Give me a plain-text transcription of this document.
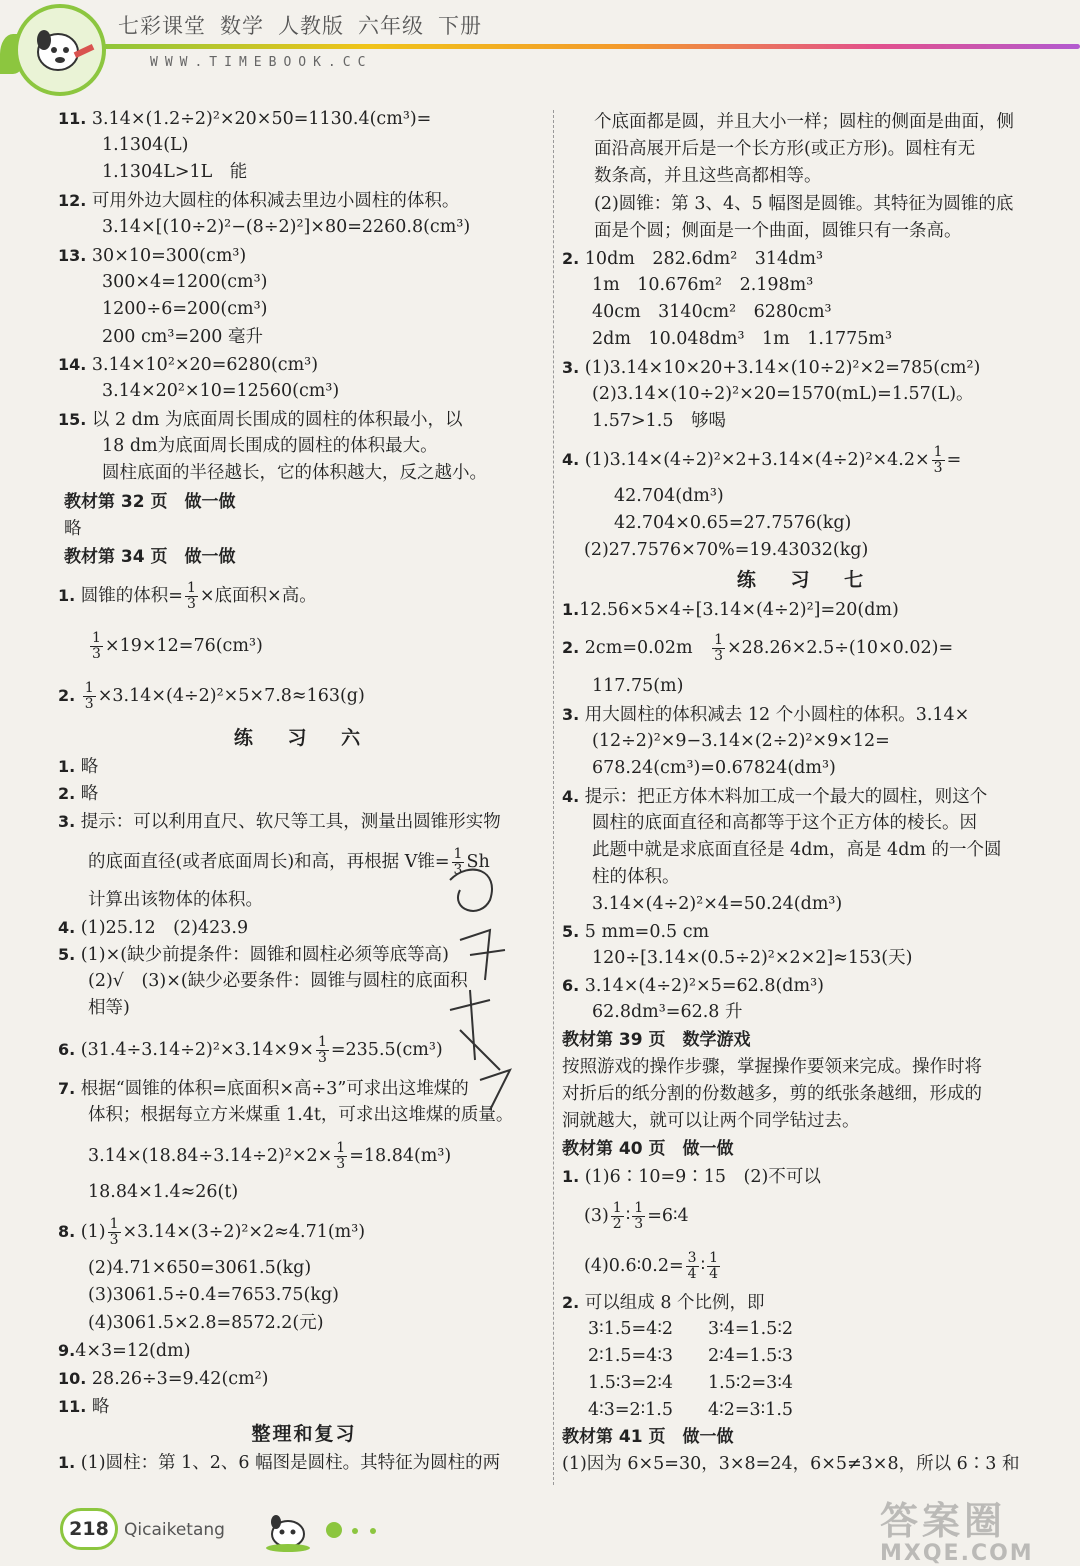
七彩课堂 数学 人教版 六年级 下册
WWW.TIMEBOOK.CC
11. 3.14×(1.2÷2)²×20×50=1130.4(cm³)=
1.1304(L)
1.1304L>1L　能
12. 可用外边大圆柱的体积减去里边小圆柱的体积。
3.14×[(10÷2)²−(8÷2)²]×80=2260.8(cm³)
13. 30×10=300(cm³)
300×4=1200(cm³)
1200÷6=200(cm³)
200 cm³=200 毫升
14. 3.14×10²×20=6280(cm³)
3.14×20²×10=12560(cm³)
15. 以 2 dm 为底面周长围成的圆柱的体积最小，以
18 dm为底面周长围成的圆柱的体积最大。
圆柱底面的半径越长，它的体积越大，反之越小。
教材第 32 页　做一做
略
教材第 34 页　做一做
1. 圆锥的体积= $\frac{1}{3}$ ×底面积×高。
$\frac{1}{3} \times 19\times 12=76(cm^3)$
2. $\frac{1}{3} \times 3.14\times(4\div 2)^2\times 5\times 7.8\approx 163(g)$
练 习 六
1. 略
2. 略
3. 提示：可以利用直尺、软尺等工具，测量出圆锥形实物
的底面直径(或者底面周长)和高，再根据 V锥= $\frac{1}{3}$ Sh
计算出该物体的体积。
4. (1)25.12　(2)423.9
5. (1)×(缺少前提条件：圆锥和圆柱必须等底等高)
(2)√　(3)×(缺少必要条件：圆锥与圆柱的底面积
相等)
6. $(31.4\div 3.14\div 2)^2\times 3.14\times 9\times \frac{1}{3} =235.5(cm^3)$
7. 根据“圆锥的体积=底面积×高÷3”可求出这堆煤的
体积；根据每立方米煤重 1.4t，可求出这堆煤的质量。
$3.14\times(18.84\div 3.14\div 2)^2\times 2\times \frac{1}{3} =18.84(m^3)$
18.84×1.4≈26(t)
8. $(1) \frac{1}{3} \times 3.14\times(3\div 2)^2\times 2\approx 4.71(m^3)$
(2)4.71×650=3061.5(kg)
(3)3061.5÷0.4=7653.75(kg)
(4)3061.5×2.8=8572.2(元)
9.4×3=12(dm)
10. 28.26÷3=9.42(cm²)
11. 略
整理和复习
1. (1)圆柱：第 1、2、6 幅图是圆柱。其特征为圆柱的两
个底面都是圆，并且大小一样；圆柱的侧面是曲面，侧
面沿高展开后是一个长方形(或正方形)。圆柱有无
数条高，并且这些高都相等。
(2)圆锥：第 3、4、5 幅图是圆锥。其特征为圆锥的底
面是个圆；侧面是一个曲面，圆锥只有一条高。
2. 10dm　282.6dm²　314dm³
1m　10.676m²　2.198m³
40cm　3140cm²　6280cm³
2dm　10.048dm³　1m　1.1775m³
3. (1)3.14×10×20+3.14×(10÷2)²×2=785(cm²)
(2)3.14×(10÷2)²×20=1570(mL)=1.57(L)。
1.57>1.5　够喝
4. $(1)3.14\times(4\div 2)^2\times 2+3.14\times(4\div 2)^2\times 4.2\times \frac{1}{3}$ =
42.704(dm³)
42.704×0.65=27.7576(kg)
(2)27.7576×70%=19.43032(kg)
练 习 七
1.12.56×5×4÷[3.14×(4÷2)²]=20(dm)
2. 2cm=0.02m　 $\frac{1}{3} \times 28.26\times 2.5\div(10\times 0.02)=$
117.75(m)
3. 用大圆柱的体积减去 12 个小圆柱的体积。3.14×
(12÷2)²×9−3.14×(2÷2)²×9×12=
678.24(cm³)=0.67824(dm³)
4. 提示：把正方体木料加工成一个最大的圆柱，则这个
圆柱的底面直径和高都等于这个正方体的棱长。因
此题中就是求底面直径是 4dm，高是 4dm 的一个圆
柱的体积。
3.14×(4÷2)²×4=50.24(dm³)
5. 5 mm=0.5 cm
120÷[3.14×(0.5÷2)²×2×2]≈153(天)
6. 3.14×(4÷2)²×5=62.8(dm³)
62.8dm³=62.8 升
教材第 39 页　数学游戏
按照游戏的操作步骤，掌握操作要领来完成。操作时将
对折后的纸分割的份数越多，剪的纸张条越细，形成的
洞就越大，就可以让两个同学钻过去。
教材第 40 页　做一做
1. (1)6∶10=9∶15　(2)不可以
$(3) \frac{1}{2}$ ∶ $\frac{1}{3}$ =6∶4
(4)0.6∶0.2= $\frac{3}{4}$ ∶ $\frac{1}{4}$
2. 可以组成 8 个比例，即
3∶1.5=4∶2　　3∶4=1.5∶2
2∶1.5=4∶3　　2∶4=1.5∶3
1.5∶3=2∶4　　1.5∶2=3∶4
4∶3=2∶1.5　　4∶2=3∶1.5
教材第 41 页　做一做
(1)因为 6×5=30，3×8=24，6×5≠3×8，所以 6∶3 和
218 Qicaiketang	答案圈
MXQE.COM
